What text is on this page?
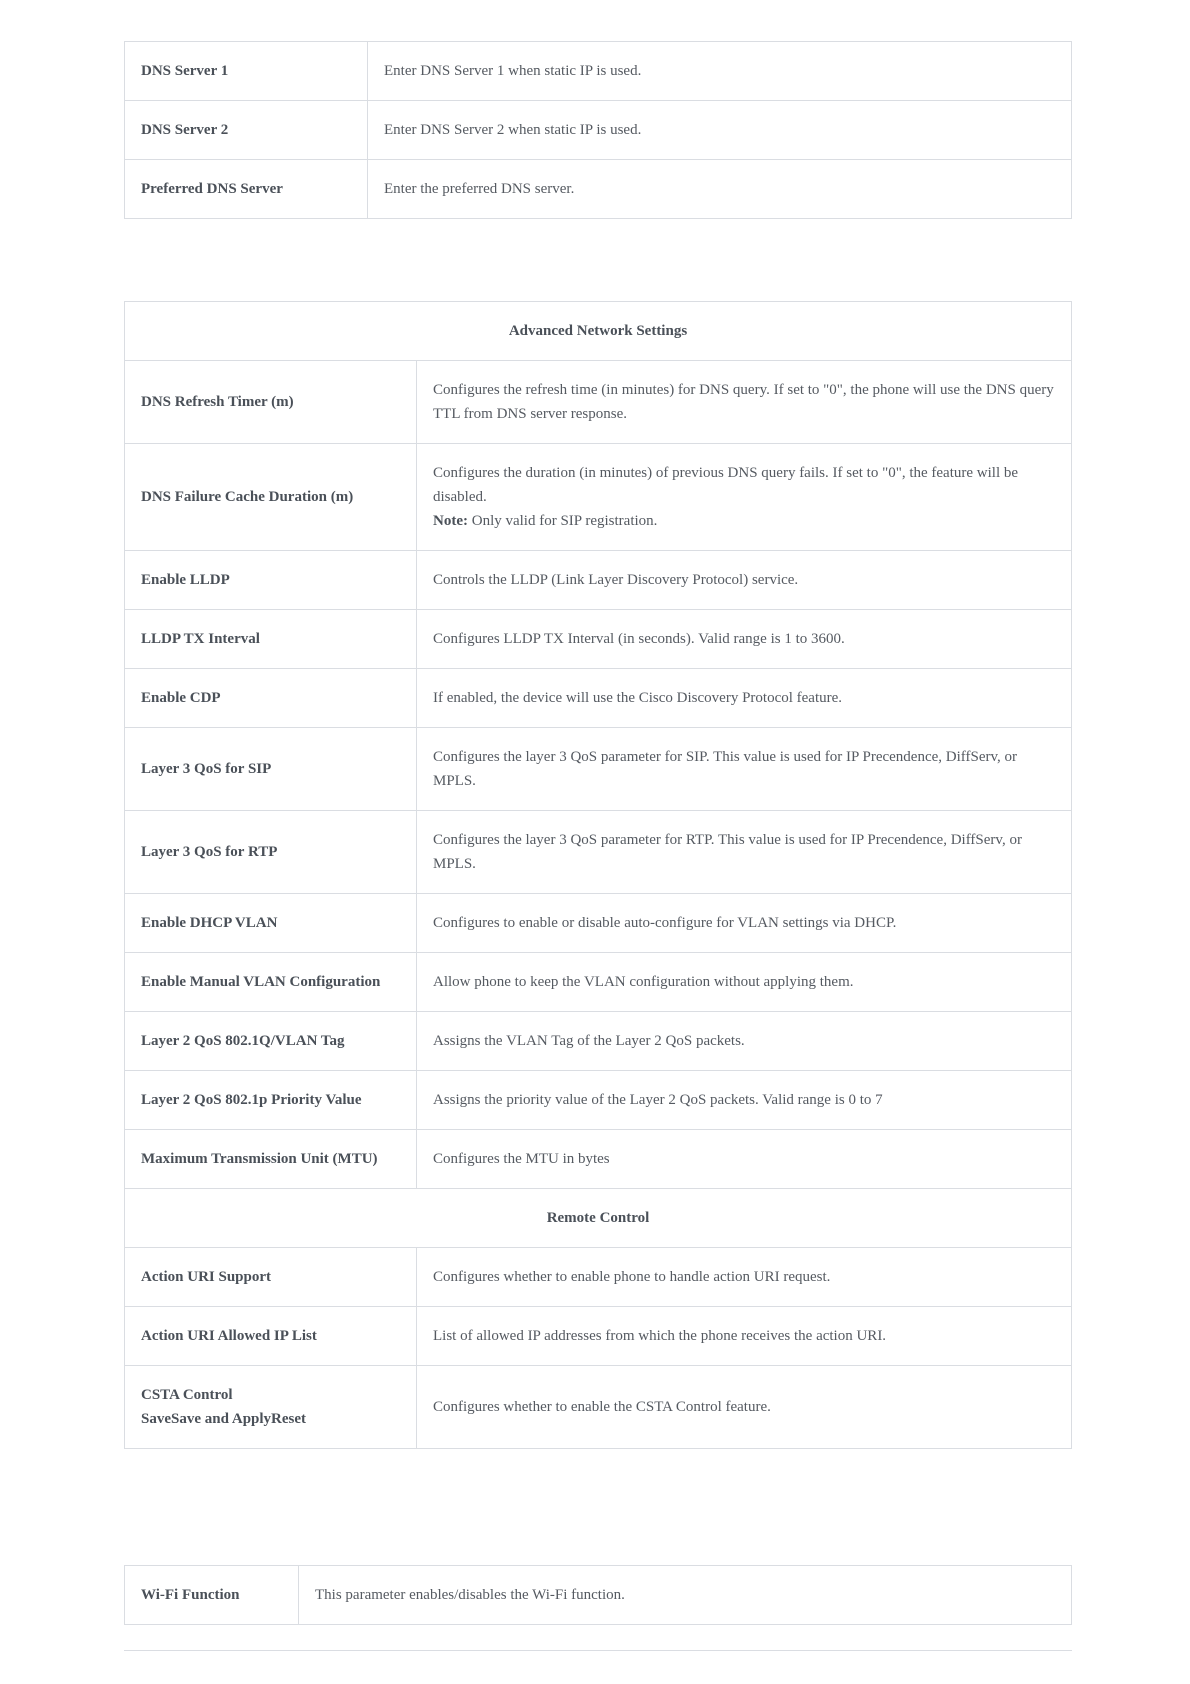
DNS Server 1	Enter DNS Server 1 when static IP is used.
DNS Server 2	Enter DNS Server 2 when static IP is used.
Preferred DNS Server	Enter the preferred DNS server.
Advanced Network Settings	
DNS Refresh Timer (m)	Configures the refresh time (in minutes) for DNS query. If set to "0", the phone will use the DNS query TTL from DNS server response.
DNS Failure Cache Duration (m)	Configures the duration (in minutes) of previous DNS query fails. If set to "0", the feature will be disabled.
Note: Only valid for SIP registration.
Enable LLDP	Controls the LLDP (Link Layer Discovery Protocol) service.
LLDP TX Interval	Configures LLDP TX Interval (in seconds). Valid range is 1 to 3600.
Enable CDP	If enabled, the device will use the Cisco Discovery Protocol feature.
Layer 3 QoS for SIP	Configures the layer 3 QoS parameter for SIP. This value is used for IP Precendence, DiffServ, or MPLS.
Layer 3 QoS for RTP	Configures the layer 3 QoS parameter for RTP. This value is used for IP Precendence, DiffServ, or MPLS.
Enable DHCP VLAN	Configures to enable or disable auto-configure for VLAN settings via DHCP.
Enable Manual VLAN Configuration	Allow phone to keep the VLAN configuration without applying them.
Layer 2 QoS 802.1Q/VLAN Tag	Assigns the VLAN Tag of the Layer 2 QoS packets.
Layer 2 QoS 802.1p Priority Value	Assigns the priority value of the Layer 2 QoS packets. Valid range is 0 to 7
Maximum Transmission Unit (MTU)	Configures the MTU in bytes
Remote Control	
Action URI Support	Configures whether to enable phone to handle action URI request.
Action URI Allowed IP List	List of allowed IP addresses from which the phone receives the action URI.
CSTA Control
SaveSave and ApplyReset	Configures whether to enable the CSTA Control feature.
Wi-Fi Function	This parameter enables/disables the Wi-Fi function.
